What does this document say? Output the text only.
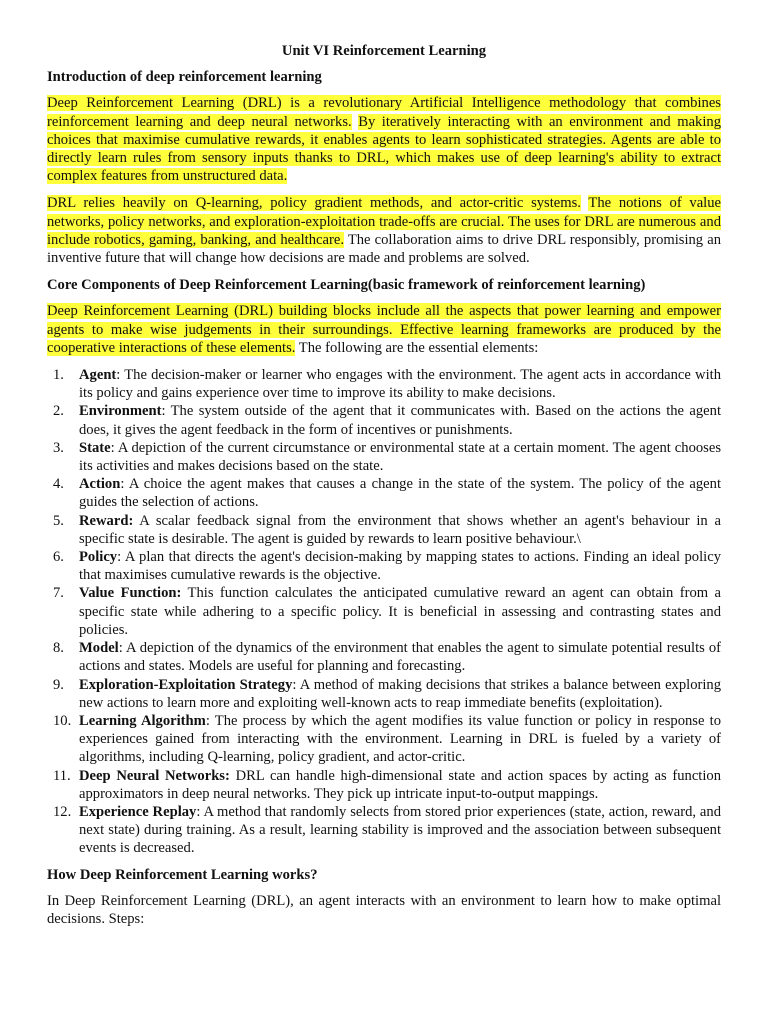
Unit VI Reinforcement Learning
Introduction of deep reinforcement learning

Deep Reinforcement Learning (DRL) is a revolutionary Artificial Intelligence methodology that combines reinforcement learning and deep neural networks. By iteratively interacting with an environment and making choices that maximise cumulative rewards, it enables agents to learn sophisticated strategies. Agents are able to directly learn rules from sensory inputs thanks to DRL, which makes use of deep learning's ability to extract complex features from unstructured data.

DRL relies heavily on Q-learning, policy gradient methods, and actor-critic systems. The notions of value networks, policy networks, and exploration-exploitation trade-offs are crucial. The uses for DRL are numerous and include robotics, gaming, banking, and healthcare. The collaboration aims to drive DRL responsibly, promising an inventive future that will change how decisions are made and problems are solved.

Core Components of Deep Reinforcement Learning(basic framework of reinforcement learning)

Deep Reinforcement Learning (DRL) building blocks include all the aspects that power learning and empower agents to make wise judgements in their surroundings. Effective learning frameworks are produced by the cooperative interactions of these elements. The following are the essential elements:

1. Agent: The decision-maker or learner who engages with the environment. The agent acts in accordance with its policy and gains experience over time to improve its ability to make decisions.
2. Environment: The system outside of the agent that it communicates with. Based on the actions the agent does, it gives the agent feedback in the form of incentives or punishments.
3. State: A depiction of the current circumstance or environmental state at a certain moment. The agent chooses its activities and makes decisions based on the state.
4. Action: A choice the agent makes that causes a change in the state of the system. The policy of the agent guides the selection of actions.
5. Reward: A scalar feedback signal from the environment that shows whether an agent's behaviour in a specific state is desirable. The agent is guided by rewards to learn positive behaviour.\
6. Policy: A plan that directs the agent's decision-making by mapping states to actions. Finding an ideal policy that maximises cumulative rewards is the objective.
7. Value Function: This function calculates the anticipated cumulative reward an agent can obtain from a specific state while adhering to a specific policy. It is beneficial in assessing and contrasting states and policies.
8. Model: A depiction of the dynamics of the environment that enables the agent to simulate potential results of actions and states. Models are useful for planning and forecasting.
9. Exploration-Exploitation Strategy: A method of making decisions that strikes a balance between exploring new actions to learn more and exploiting well-known acts to reap immediate benefits (exploitation).
10. Learning Algorithm: The process by which the agent modifies its value function or policy in response to experiences gained from interacting with the environment. Learning in DRL is fueled by a variety of algorithms, including Q-learning, policy gradient, and actor-critic.
11. Deep Neural Networks: DRL can handle high-dimensional state and action spaces by acting as function approximators in deep neural networks. They pick up intricate input-to-output mappings.
12. Experience Replay: A method that randomly selects from stored prior experiences (state, action, reward, and next state) during training. As a result, learning stability is improved and the association between subsequent events is decreased.
How Deep Reinforcement Learning works?

In Deep Reinforcement Learning (DRL), an agent interacts with an environment to learn how to make optimal decisions. Steps:
